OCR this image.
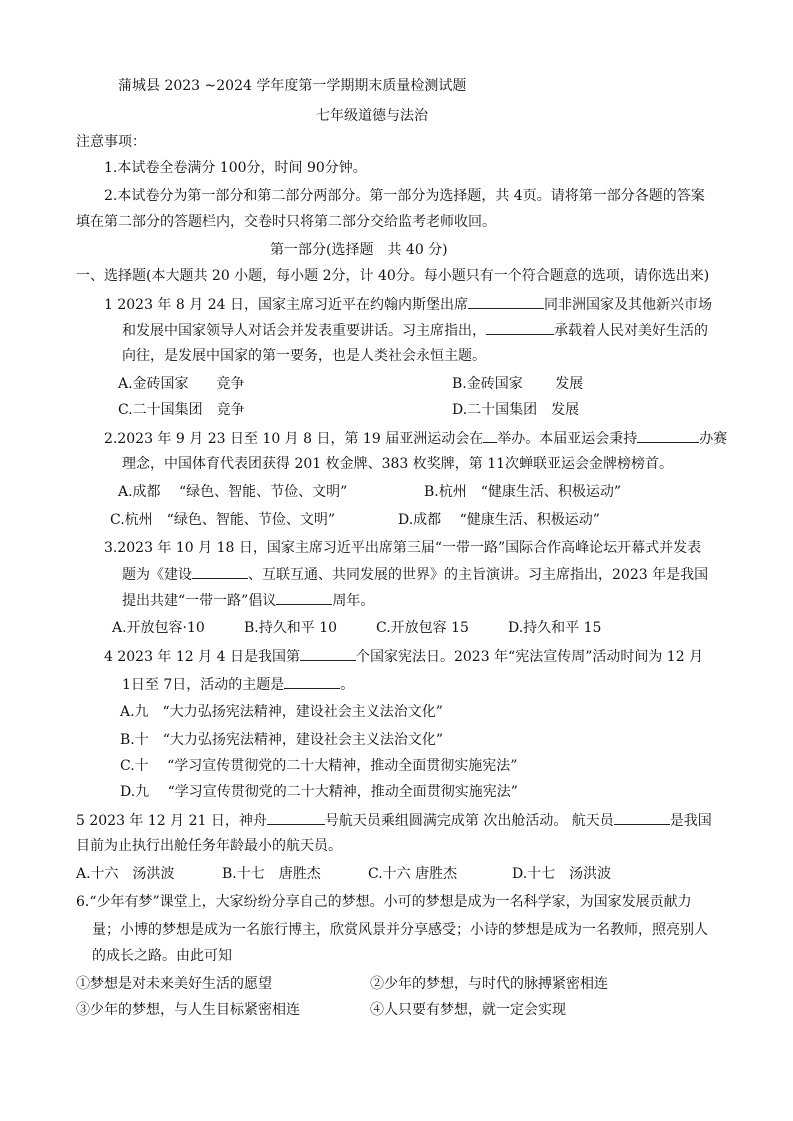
蒲城县 2023 ~2024 学年度第一学期期末质量检测试题
七年级道德与法治
注意事项：
1.本试卷全卷满分 100分，时间 90分钟。
2.本试卷分为第一部分和第二部分两部分。第一部分为选择题，共 4页。请将第一部分各题的答案
填在第二部分的答题栏内，交卷时只将第二部分交给监考老师收回。
第一部分(选择题　共 40 分)
一、选择题(本大题共 20 小题，每小题 2分，计 40分。每小题只有一个符合题意的选项，请你选出来)
1 2023 年 8 月 24 日，国家主席习近平在约翰内斯堡出席	同非洲国家及其他新兴市场
和发展中国家领导人对话会并发表重要讲话。习主席指出，	承载着人民对美好生活的
向往，是发展中国家的第一要务，也是人类社会永恒主题。
A.金砖国家　　竞争	B.金砖国家　　 发展
C.二十国集团　竞争	D.二十国集团　发展
2.2023 年 9 月 23 日至 10 月 8 日，第 19 届亚洲运动会在 举办。本届亚运会秉持	办赛
理念，中国体育代表团获得 201 枚金牌、383 枚奖牌，第 11次蝉联亚运会金牌榜榜首。
A.成都　 “绿色、智能、节俭、文明”	B.杭州　“健康生活、积极运动”
C.杭州　“绿色、智能、节俭、文明”	D.成都　 “健康生活、积极运动”
3.2023 年 10 月 18 日，国家主席习近平出席第三届“一带一路”国际合作高峰论坛开幕式并发表
题为《建设	、互联互通、共同发展的世界》的主旨演讲。习主席指出，2023 年是我国
提出共建“一带一路”倡议	周年。
A.开放包容·10	B.持久和平 10	C.开放包容 15	D.持久和平 15
4 2023 年 12 月 4 日是我国第	个国家宪法日。2023 年“宪法宣传周”活动时间为 12 月
1日至 7日，活动的主题是	。
A.九　“大力弘扬宪法精神，建设社会主义法治文化”
B.十　“大力弘扬宪法精神，建设社会主义法治文化”
C.十　 “学习宣传贯彻党的二十大精神，推动全面贯彻实施宪法”
D.九　 “学习宣传贯彻党的二十大精神，推动全面贯彻实施宪法”
5 2023 年 12 月 21 日，神舟	号航天员乘组圆满完成第 次出舱活动。 航天员	是我国
目前为止执行出舱任务年龄最小的航天员。
A.十六　汤洪波	B.十七　唐胜杰	C.十六 唐胜杰	D.十七　汤洪波
6.“少年有梦”课堂上，大家纷纷分享自己的梦想。小可的梦想是成为一名科学家，为国家发展贡献力
量；小博的梦想是成为一名旅行博主，欣赏风景并分享感受；小诗的梦想是成为一名教师，照亮别人
的成长之路。由此可知
①梦想是对未来美好生活的愿望	②少年的梦想，与时代的脉搏紧密相连
③少年的梦想，与人生目标紧密相连	④人只要有梦想，就一定会实现
